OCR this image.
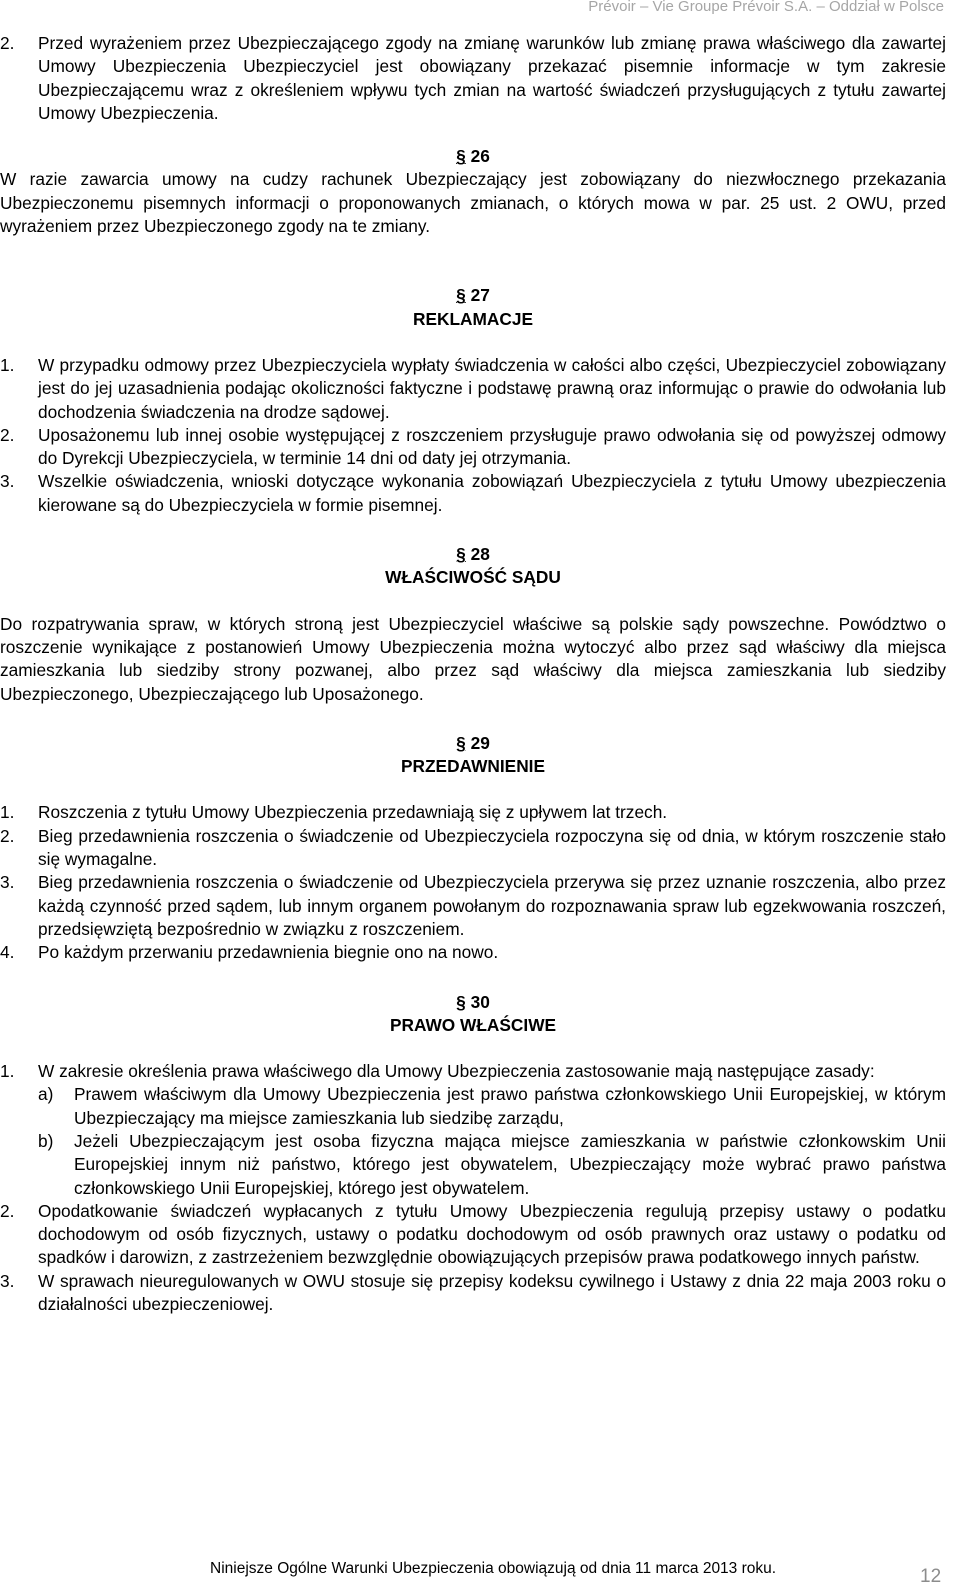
Prévoir – Vie Groupe Prévoir S.A. – Oddział w Polsce
2.	Przed wyrażeniem przez Ubezpieczającego zgody na zmianę warunków lub zmianę prawa właściwego dla zawartej Umowy Ubezpieczenia Ubezpieczyciel jest obowiązany przekazać pisemnie informacje w tym zakresie Ubezpieczającemu wraz z określeniem wpływu tych zmian na wartość świadczeń przysługujących z tytułu zawartej Umowy Ubezpieczenia.
§ 26

W razie zawarcia umowy na cudzy rachunek Ubezpieczający jest zobowiązany do niezwłocznego przekazania Ubezpieczonemu pisemnych informacji o proponowanych zmianach, o których mowa w par. 25 ust. 2 OWU, przed wyrażeniem przez Ubezpieczonego zgody na te zmiany.

§ 27
REKLAMACJE
1.	W przypadku odmowy przez Ubezpieczyciela wypłaty świadczenia w całości albo części, Ubezpieczyciel zobowiązany jest do jej uzasadnienia podając okoliczności faktyczne i podstawę prawną oraz informując o prawie do odwołania lub dochodzenia świadczenia na drodze sądowej.
2.	Uposażonemu lub innej osobie występującej z roszczeniem przysługuje prawo odwołania się od powyższej odmowy do Dyrekcji Ubezpieczyciela, w terminie 14 dni od daty jej otrzymania.
3.	Wszelkie oświadczenia, wnioski dotyczące wykonania zobowiązań Ubezpieczyciela z tytułu Umowy ubezpieczenia kierowane są do Ubezpieczyciela w formie pisemnej.
§ 28
WŁAŚCIWOŚĆ SĄDU

Do rozpatrywania spraw, w których stroną jest Ubezpieczyciel właściwe są polskie sądy powszechne. Powództwo o roszczenie wynikające z postanowień Umowy Ubezpieczenia można wytoczyć albo przez sąd właściwy dla miejsca zamieszkania lub siedziby strony pozwanej, albo przez sąd właściwy dla miejsca zamieszkania lub siedziby Ubezpieczonego, Ubezpieczającego lub Uposażonego.

§ 29
PRZEDAWNIENIE
1.	Roszczenia z tytułu Umowy Ubezpieczenia przedawniają się z upływem lat trzech.
2.	Bieg przedawnienia roszczenia o świadczenie od Ubezpieczyciela rozpoczyna się od dnia, w którym roszczenie stało się wymagalne.
3.	Bieg przedawnienia roszczenia o świadczenie od Ubezpieczyciela przerywa się przez uznanie roszczenia, albo przez każdą czynność przed sądem, lub innym organem powołanym do rozpoznawania spraw lub egzekwowania roszczeń, przedsięwziętą bezpośrednio w związku z roszczeniem.
4.	Po każdym przerwaniu przedawnienia biegnie ono na nowo.
§ 30
PRAWO WŁAŚCIWE
1.	W zakresie określenia prawa właściwego dla Umowy Ubezpieczenia zastosowanie mają następujące zasady:
a)	Prawem właściwym dla Umowy Ubezpieczenia jest prawo państwa członkowskiego Unii Europejskiej, w którym Ubezpieczający ma miejsce zamieszkania lub siedzibę zarządu,
b)	Jeżeli Ubezpieczającym jest osoba fizyczna mająca miejsce zamieszkania w państwie członkowskim Unii Europejskiej innym niż państwo, którego jest obywatelem, Ubezpieczający może wybrać prawo państwa członkowskiego Unii Europejskiej, którego jest obywatelem.
2.	Opodatkowanie świadczeń wypłacanych z tytułu Umowy Ubezpieczenia regulują przepisy ustawy o podatku dochodowym od osób fizycznych, ustawy o podatku dochodowym od osób prawnych oraz ustawy o podatku od spadków i darowizn, z zastrzeżeniem bezwzględnie obowiązujących przepisów prawa podatkowego innych państw.
3.	W sprawach nieuregulowanych w OWU stosuje się przepisy kodeksu cywilnego i Ustawy z dnia 22 maja 2003 roku o działalności ubezpieczeniowej.
Niniejsze Ogólne Warunki Ubezpieczenia obowiązują od dnia 11 marca 2013 roku.	12
